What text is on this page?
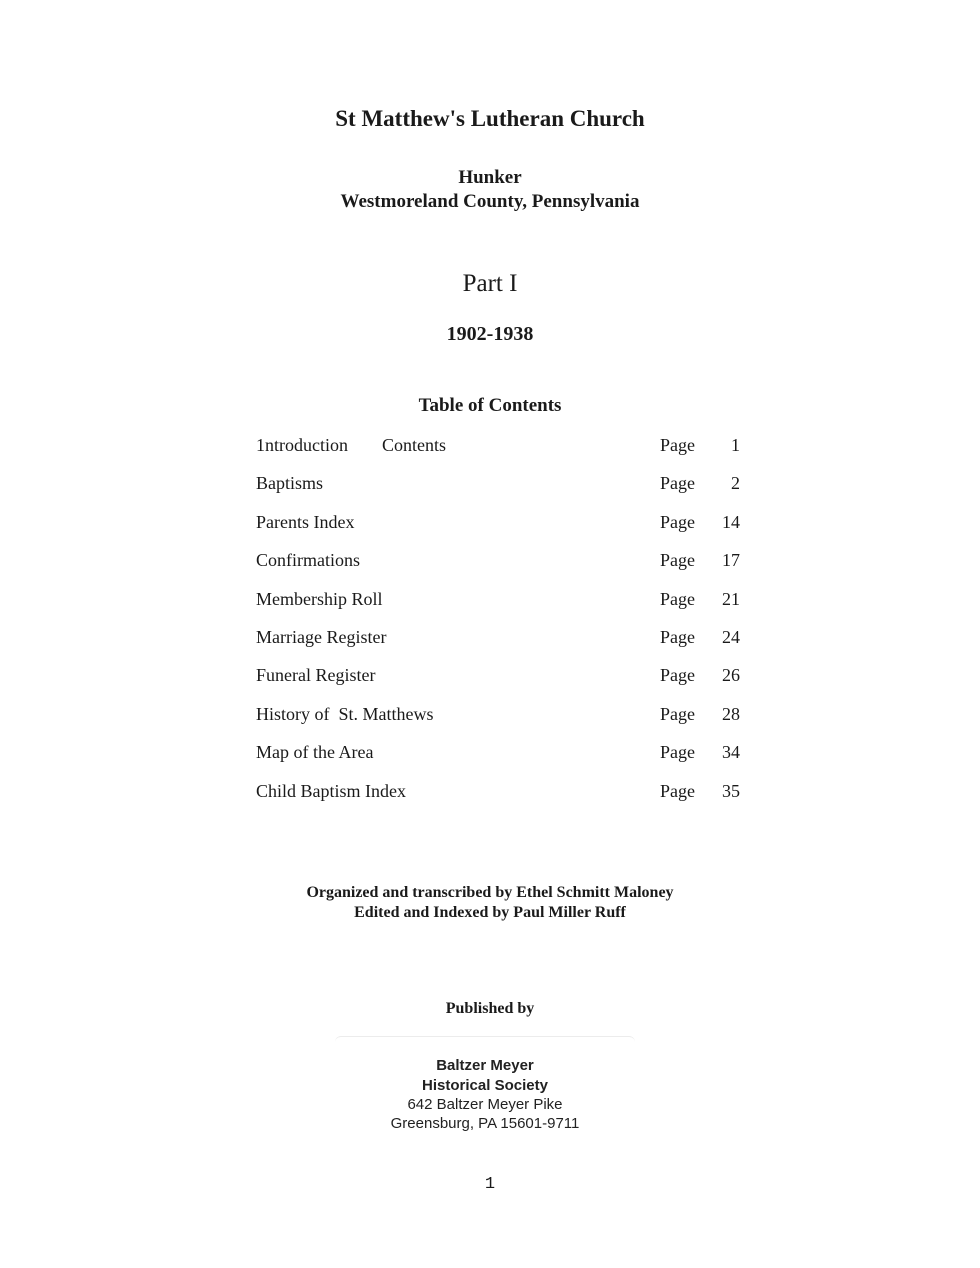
St Matthew's Lutheran Church
Hunker
Westmoreland County, Pennsylvania
Part I
1902-1938
Table of Contents
1ntroduction Contents	Page 1
Baptisms	Page 2
Parents Index	Page 14
Confirmations	Page 17
Membership Roll	Page 21
Marriage Register	Page 24
Funeral Register	Page 26
History of  St. Matthews	Page 28
Map of the Area	Page 34
Child Baptism Index	Page 35
Organized and transcribed by Ethel Schmitt Maloney
Edited and Indexed by Paul Miller Ruff
Published by
Baltzer Meyer
Historical Society
642 Baltzer Meyer Pike
Greensburg, PA 15601-9711
1
